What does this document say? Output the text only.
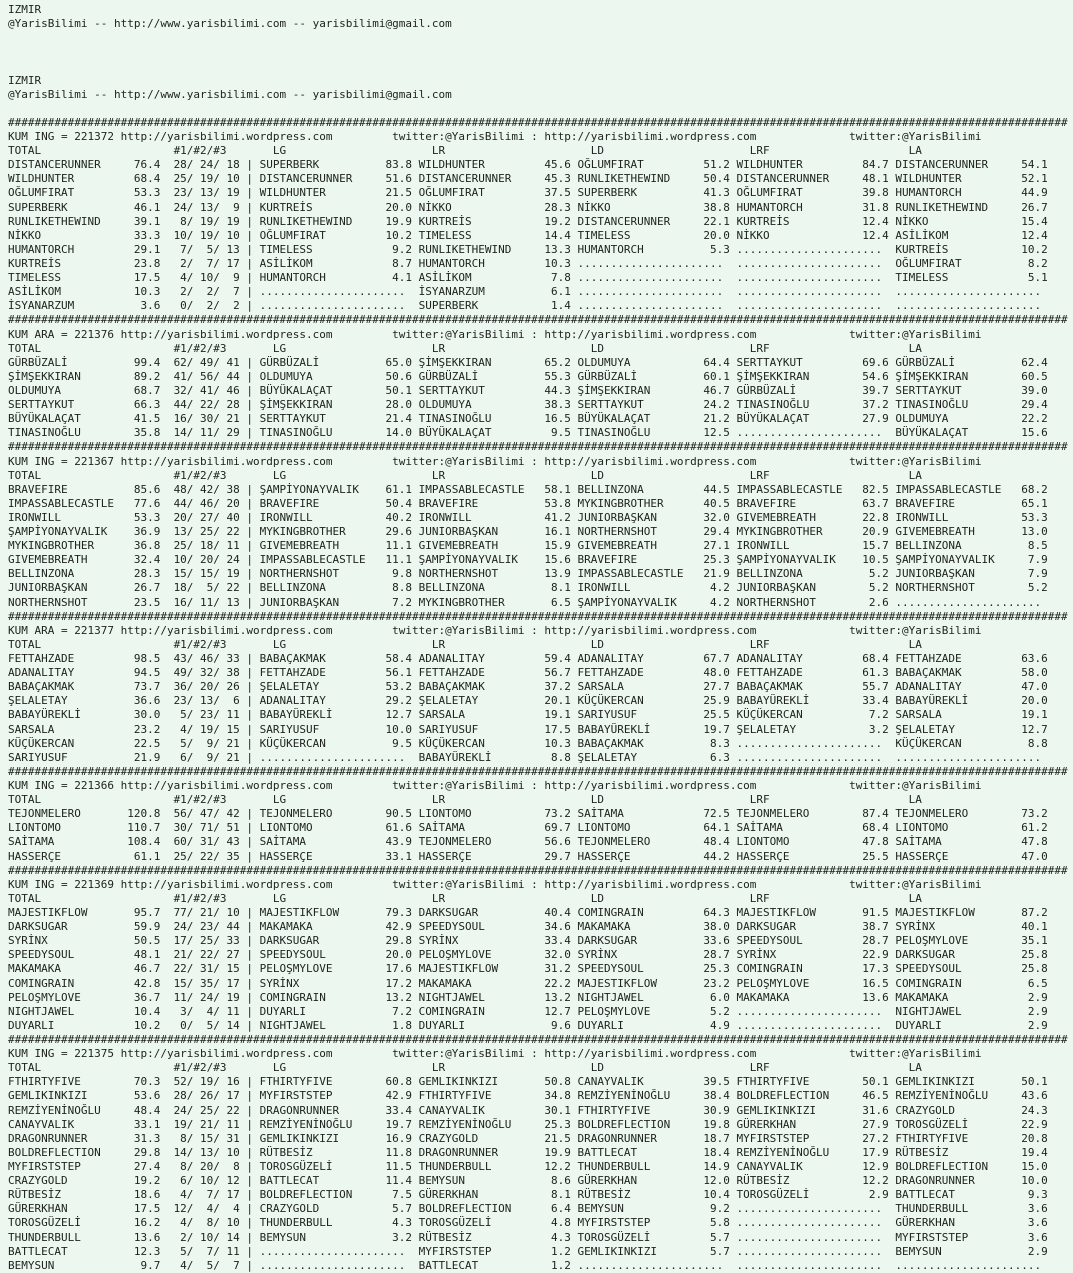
IZMIR
@YarisBilimi -- http://www.yarisbilimi.com -- yarisbilimi@gmail.com
IZMIR
@YarisBilimi -- http://www.yarisbilimi.com -- yarisbilimi@gmail.com
################################################################################################################################################################
KUM ING = 221372 http://yarisbilimi.wordpress.com         twitter:@YarisBilimi : http://yarisbilimi.wordpress.com              twitter:@YarisBilimi
TOTAL                    #1/#2/#3       LG                      LR                      LD                      LRF                     LA
DISTANCERUNNER     76.4  28/ 24/ 18 | SUPERBERK          83.8 WILDHUNTER         45.6 OĞLUMFIRAT         51.2 WILDHUNTER         84.7 DISTANCERUNNER     54.1
WILDHUNTER         68.4  25/ 19/ 10 | DISTANCERUNNER     51.6 DISTANCERUNNER     45.3 RUNLIKETHEWIND     50.4 DISTANCERUNNER     48.1 WILDHUNTER         52.1
OĞLUMFIRAT         53.3  23/ 13/ 19 | WILDHUNTER         21.5 OĞLUMFIRAT         37.5 SUPERBERK          41.3 OĞLUMFIRAT         39.8 HUMANTORCH         44.9
SUPERBERK          46.1  24/ 13/  9 | KURTREİS           20.0 NİKKO              28.3 NİKKO              38.8 HUMANTORCH         31.8 RUNLIKETHEWIND     26.7
RUNLIKETHEWIND     39.1   8/ 19/ 19 | RUNLIKETHEWIND     19.9 KURTREİS           19.2 DISTANCERUNNER     22.1 KURTREİS           12.4 NİKKO              15.4
NİKKO              33.3  10/ 19/ 10 | OĞLUMFIRAT         10.2 TIMELESS           14.4 TIMELESS           20.0 NİKKO              12.4 ASİLİKOM           12.4
HUMANTORCH         29.1   7/  5/ 13 | TIMELESS            9.2 RUNLIKETHEWIND     13.3 HUMANTORCH          5.3 ......................  KURTREİS           10.2
KURTREİS           23.8   2/  7/ 17 | ASİLİKOM            8.7 HUMANTORCH         10.3 ......................  ......................  OĞLUMFIRAT          8.2
TIMELESS           17.5   4/ 10/  9 | HUMANTORCH          4.1 ASİLİKOM            7.8 ......................  ......................  TIMELESS            5.1
ASİLİKOM           10.3   2/  2/  7 | ......................  İSYANARZUM          6.1 ......................  ......................  ......................
İSYANARZUM          3.6   0/  2/  2 | ......................  SUPERBERK           1.4 ......................  ......................  ......................
################################################################################################################################################################
KUM ARA = 221376 http://yarisbilimi.wordpress.com         twitter:@YarisBilimi : http://yarisbilimi.wordpress.com              twitter:@YarisBilimi
TOTAL                    #1/#2/#3       LG                      LR                      LD                      LRF                     LA
GÜRBÜZALİ          99.4  62/ 49/ 41 | GÜRBÜZALİ          65.0 ŞİMŞEKKIRAN        65.2 OLDUMUYA           64.4 SERTTAYKUT         69.6 GÜRBÜZALİ          62.4
ŞİMŞEKKIRAN        89.2  41/ 56/ 44 | OLDUMUYA           50.6 GÜRBÜZALİ          55.3 GÜRBÜZALİ          60.1 ŞİMŞEKKIRAN        54.6 ŞİMŞEKKIRAN        60.5
OLDUMUYA           68.7  32/ 41/ 46 | BÜYÜKALAÇAT        50.1 SERTTAYKUT         44.3 ŞİMŞEKKIRAN        46.7 GÜRBÜZALİ          39.7 SERTTAYKUT         39.0
SERTTAYKUT         66.3  44/ 22/ 28 | ŞİMŞEKKIRAN        28.0 OLDUMUYA           38.3 SERTTAYKUT         24.2 TINASINOĞLU        37.2 TINASINOĞLU        29.4
BÜYÜKALAÇAT        41.5  16/ 30/ 21 | SERTTAYKUT         21.4 TINASINOĞLU        16.5 BÜYÜKALAÇAT        21.2 BÜYÜKALAÇAT        27.9 OLDUMUYA           22.2
TINASINOĞLU        35.8  14/ 11/ 29 | TINASINOĞLU        14.0 BÜYÜKALAÇAT         9.5 TINASINOĞLU        12.5 ......................  BÜYÜKALAÇAT        15.6
################################################################################################################################################################
KUM ING = 221367 http://yarisbilimi.wordpress.com         twitter:@YarisBilimi : http://yarisbilimi.wordpress.com              twitter:@YarisBilimi
TOTAL                    #1/#2/#3       LG                      LR                      LD                      LRF                     LA
BRAVEFIRE          85.6  48/ 42/ 38 | ŞAMPİYONAYVALIK    61.1 IMPASSABLECASTLE   58.1 BELLINZONA         44.5 IMPASSABLECASTLE   82.5 IMPASSABLECASTLE   68.2
IMPASSABLECASTLE   77.6  44/ 46/ 20 | BRAVEFIRE          50.4 BRAVEFIRE          53.8 MYKINGBROTHER      40.5 BRAVEFIRE          63.7 BRAVEFIRE          65.1
IRONWILL           53.3  20/ 27/ 40 | IRONWILL           40.2 IRONWILL           41.2 JUNIORBAŞKAN       32.0 GIVEMEBREATH       22.8 IRONWILL           53.3
ŞAMPİYONAYVALIK    36.9  13/ 25/ 22 | MYKINGBROTHER      29.6 JUNIORBAŞKAN       16.1 NORTHERNSHOT       29.4 MYKINGBROTHER      20.9 GIVEMEBREATH       13.0
MYKINGBROTHER      36.8  25/ 18/ 11 | GIVEMEBREATH       11.1 GIVEMEBREATH       15.9 GIVEMEBREATH       27.1 IRONWILL           15.7 BELLINZONA          8.5
GIVEMEBREATH       32.4  10/ 20/ 24 | IMPASSABLECASTLE   11.1 ŞAMPİYONAYVALIK    15.6 BRAVEFIRE          25.3 ŞAMPİYONAYVALIK    10.5 ŞAMPİYONAYVALIK     7.9
BELLINZONA         28.3  15/ 15/ 19 | NORTHERNSHOT        9.8 NORTHERNSHOT       13.9 IMPASSABLECASTLE   21.9 BELLINZONA          5.2 JUNIORBAŞKAN        7.9
JUNIORBAŞKAN       26.7  18/  5/ 22 | BELLINZONA          8.8 BELLINZONA          8.1 IRONWILL            4.2 JUNIORBAŞKAN        5.2 NORTHERNSHOT        5.2
NORTHERNSHOT       23.5  16/ 11/ 13 | JUNIORBAŞKAN        7.2 MYKINGBROTHER       6.5 ŞAMPİYONAYVALIK     4.2 NORTHERNSHOT        2.6 ......................
################################################################################################################################################################
KUM ARA = 221377 http://yarisbilimi.wordpress.com         twitter:@YarisBilimi : http://yarisbilimi.wordpress.com              twitter:@YarisBilimi
TOTAL                    #1/#2/#3       LG                      LR                      LD                      LRF                     LA
FETTAHZADE         98.5  43/ 46/ 33 | BABAÇAKMAK         58.4 ADANALITAY         59.4 ADANALITAY         67.7 ADANALITAY         68.4 FETTAHZADE         63.6
ADANALITAY         94.5  49/ 32/ 38 | FETTAHZADE         56.1 FETTAHZADE         56.7 FETTAHZADE         48.0 FETTAHZADE         61.3 BABAÇAKMAK         58.0
BABAÇAKMAK         73.7  36/ 20/ 26 | ŞELALETAY          53.2 BABAÇAKMAK         37.2 SARSALA            27.7 BABAÇAKMAK         55.7 ADANALITAY         47.0
ŞELALETAY          36.6  23/ 13/  6 | ADANALITAY         29.2 ŞELALETAY          20.1 KÜÇÜKERCAN         25.9 BABAYÜREKLİ        33.4 BABAYÜREKLİ        20.0
BABAYÜREKLİ        30.0   5/ 23/ 11 | BABAYÜREKLİ        12.7 SARSALA            19.1 SARIYUSUF          25.5 KÜÇÜKERCAN          7.2 SARSALA            19.1
SARSALA            23.2   4/ 19/ 15 | SARIYUSUF          10.0 SARIYUSUF          17.5 BABAYÜREKLİ        19.7 ŞELALETAY           3.2 ŞELALETAY          12.7
KÜÇÜKERCAN         22.5   5/  9/ 21 | KÜÇÜKERCAN          9.5 KÜÇÜKERCAN         10.3 BABAÇAKMAK          8.3 ......................  KÜÇÜKERCAN          8.8
SARIYUSUF          21.9   6/  9/ 21 | ......................  BABAYÜREKLİ         8.8 ŞELALETAY           6.3 ......................  ......................
################################################################################################################################################################
KUM ING = 221366 http://yarisbilimi.wordpress.com         twitter:@YarisBilimi : http://yarisbilimi.wordpress.com              twitter:@YarisBilimi
TOTAL                    #1/#2/#3       LG                      LR                      LD                      LRF                     LA
TEJONMELERO       120.8  56/ 47/ 42 | TEJONMELERO        90.5 LIONTOMO           73.2 SAİTAMA            72.5 TEJONMELERO        87.4 TEJONMELERO        73.2
LIONTOMO          110.7  30/ 71/ 51 | LIONTOMO           61.6 SAİTAMA            69.7 LIONTOMO           64.1 SAİTAMA            68.4 LIONTOMO           61.2
SAİTAMA           108.4  60/ 31/ 43 | SAİTAMA            43.9 TEJONMELERO        56.6 TEJONMELERO        48.4 LIONTOMO           47.8 SAİTAMA            47.8
HASSERÇE           61.1  25/ 22/ 35 | HASSERÇE           33.1 HASSERÇE           29.7 HASSERÇE           44.2 HASSERÇE           25.5 HASSERÇE           47.0
################################################################################################################################################################
KUM ING = 221369 http://yarisbilimi.wordpress.com         twitter:@YarisBilimi : http://yarisbilimi.wordpress.com              twitter:@YarisBilimi
TOTAL                    #1/#2/#3       LG                      LR                      LD                      LRF                     LA
MAJESTIKFLOW       95.7  77/ 21/ 10 | MAJESTIKFLOW       79.3 DARKSUGAR          40.4 COMINGRAIN         64.3 MAJESTIKFLOW       91.5 MAJESTIKFLOW       87.2
DARKSUGAR          59.9  24/ 23/ 44 | MAKAMAKA           42.9 SPEEDYSOUL         34.6 MAKAMAKA           38.0 DARKSUGAR          38.7 SYRİNX             40.1
SYRİNX             50.5  17/ 25/ 33 | DARKSUGAR          29.8 SYRİNX             33.4 DARKSUGAR          33.6 SPEEDYSOUL         28.7 PELOŞMYLOVE        35.1
SPEEDYSOUL         48.1  21/ 22/ 27 | SPEEDYSOUL         20.0 PELOŞMYLOVE        32.0 SYRİNX             28.7 SYRİNX             22.9 DARKSUGAR          25.8
MAKAMAKA           46.7  22/ 31/ 15 | PELOŞMYLOVE        17.6 MAJESTIKFLOW       31.2 SPEEDYSOUL         25.3 COMINGRAIN         17.3 SPEEDYSOUL         25.8
COMINGRAIN         42.8  15/ 35/ 17 | SYRİNX             17.2 MAKAMAKA           22.2 MAJESTIKFLOW       23.2 PELOŞMYLOVE        16.5 COMINGRAIN          6.5
PELOŞMYLOVE        36.7  11/ 24/ 19 | COMINGRAIN         13.2 NIGHTJAWEL         13.2 NIGHTJAWEL          6.0 MAKAMAKA           13.6 MAKAMAKA            2.9
NIGHTJAWEL         10.4   3/  4/ 11 | DUYARLI             7.2 COMINGRAIN         12.7 PELOŞMYLOVE         5.2 ......................  NIGHTJAWEL          2.9
DUYARLI            10.2   0/  5/ 14 | NIGHTJAWEL          1.8 DUYARLI             9.6 DUYARLI             4.9 ......................  DUYARLI             2.9
################################################################################################################################################################
KUM ING = 221375 http://yarisbilimi.wordpress.com         twitter:@YarisBilimi : http://yarisbilimi.wordpress.com              twitter:@YarisBilimi
TOTAL                    #1/#2/#3       LG                      LR                      LD                      LRF                     LA
FTHIRTYFIVE        70.3  52/ 19/ 16 | FTHIRTYFIVE        60.8 GEMLIKINKIZI       50.8 CANAYVALIK         39.5 FTHIRTYFIVE        50.1 GEMLIKINKIZI       50.1
GEMLIKINKIZI       53.6  28/ 26/ 17 | MYFIRSTSTEP        42.9 FTHIRTYFIVE        34.8 REMZİYENİNOĞLU     38.4 BOLDREFLECTION     46.5 REMZİYENİNOĞLU     43.6
REMZİYENİNOĞLU     48.4  24/ 25/ 22 | DRAGONRUNNER       33.4 CANAYVALIK         30.1 FTHIRTYFIVE        30.9 GEMLIKINKIZI       31.6 CRAZYGOLD          24.3
CANAYVALIK         33.1  19/ 21/ 11 | REMZİYENİNOĞLU     19.7 REMZİYENİNOĞLU     25.3 BOLDREFLECTION     19.8 GÜRERKHAN          27.9 TOROSGÜZELİ        22.9
DRAGONRUNNER       31.3   8/ 15/ 31 | GEMLIKINKIZI       16.9 CRAZYGOLD          21.5 DRAGONRUNNER       18.7 MYFIRSTSTEP        27.2 FTHIRTYFIVE        20.8
BOLDREFLECTION     29.8  14/ 13/ 10 | RÜTBESİZ           11.8 DRAGONRUNNER       19.9 BATTLECAT          18.4 REMZİYENİNOĞLU     17.9 RÜTBESİZ           19.4
MYFIRSTSTEP        27.4   8/ 20/  8 | TOROSGÜZELİ        11.5 THUNDERBULL        12.2 THUNDERBULL        14.9 CANAYVALIK         12.9 BOLDREFLECTION     15.0
CRAZYGOLD          19.2   6/ 10/ 12 | BATTLECAT          11.4 BEMYSUN             8.6 GÜRERKHAN          12.0 RÜTBESİZ           12.2 DRAGONRUNNER       10.0
RÜTBESİZ           18.6   4/  7/ 17 | BOLDREFLECTION      7.5 GÜRERKHAN           8.1 RÜTBESİZ           10.4 TOROSGÜZELİ         2.9 BATTLECAT           9.3
GÜRERKHAN          17.5  12/  4/  4 | CRAZYGOLD           5.7 BOLDREFLECTION      6.4 BEMYSUN             9.2 ......................  THUNDERBULL         3.6
TOROSGÜZELİ        16.2   4/  8/ 10 | THUNDERBULL         4.3 TOROSGÜZELİ         4.8 MYFIRSTSTEP         5.8 ......................  GÜRERKHAN           3.6
THUNDERBULL        13.6   2/ 10/ 14 | BEMYSUN             3.2 RÜTBESİZ            4.3 TOROSGÜZELİ         5.7 ......................  MYFIRSTSTEP         3.6
BATTLECAT          12.3   5/  7/ 11 | ......................  MYFIRSTSTEP         1.2 GEMLIKINKIZI        5.7 ......................  BEMYSUN             2.9
BEMYSUN             9.7   4/  5/  7 | ......................  BATTLECAT           1.2 ......................  ......................  ......................
